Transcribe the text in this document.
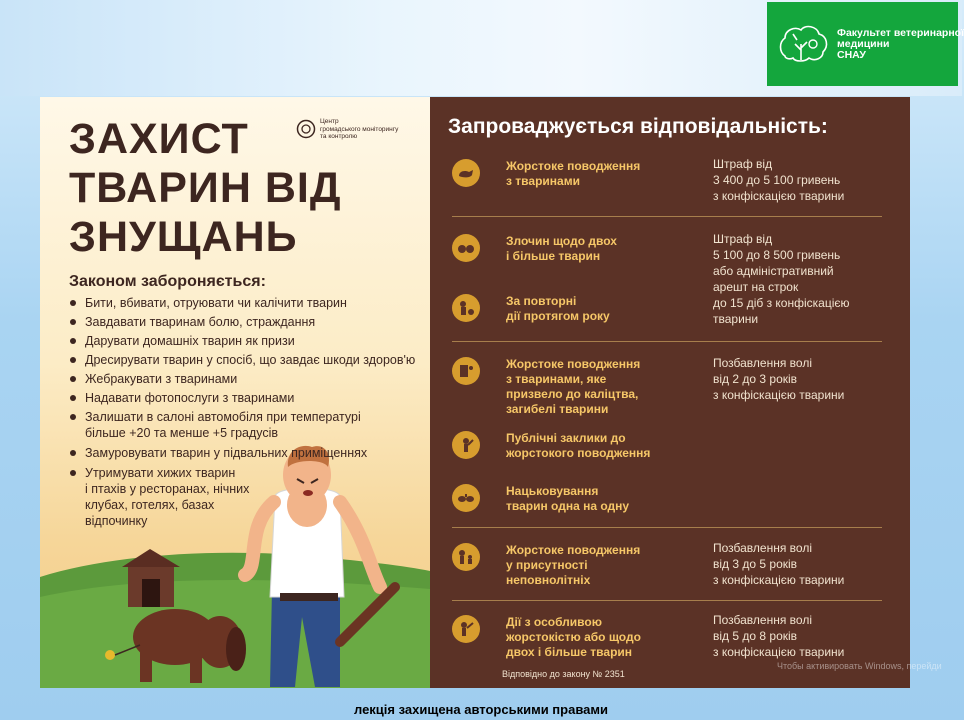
Факультет ветеринарної
медицини
СНАУ
ЗАХИСТ
ТВАРИН ВІД
ЗНУЩАНЬ
Центр
громадського моніторингу
та контролю
Законом забороняється:
Бити, вбивати, отруювати чи калічити тварин
Завдавати тваринам болю, страждання
Дарувати домашніх тварин як призи
Дресирувати тварин у спосіб, що завдає шкоди здоров'ю
Жебракувати з тваринами
Надавати фотопослуги з тваринами
Залишати в салоні автомобіля при температурі
більше +20 та менше +5 градусів
Замуровувати тварин у підвальних приміщеннях
Утримувати хижих тварин
і птахів у ресторанах, нічних
клубах, готелях, базах
відпочинку
Запроваджується відповідальність:
Жорстоке поводження
з тваринами
Штраф від
3 400 до 5 100 гривень
з конфіскацією тварини
Злочин щодо двох
і більше тварин
Штраф від
5 100 до 8 500 гривень
або адміністративний
арешт на строк
до 15 діб з конфіскацією
тварини
За повторні
дії протягом року
Жорстоке поводження
з тваринами, яке
призвело до каліцтва,
загибелі тварини
Позбавлення волі
від 2 до 3 років
з конфіскацією тварини
Публічні заклики до
жорстокого поводження
Нацьковування
тварин одна на одну
Жорстоке поводження
у присутності
неповнолітніх
Позбавлення волі
від 3 до 5 років
з конфіскацією тварини
Дії з особливою
жорстокістю або щодо
двох і більше тварин
Позбавлення волі
від 5 до 8 років
з конфіскацією тварини
Відповідно до закону № 2351
Чтобы активировать Windows, перейди

лекція захищена авторськими правами
